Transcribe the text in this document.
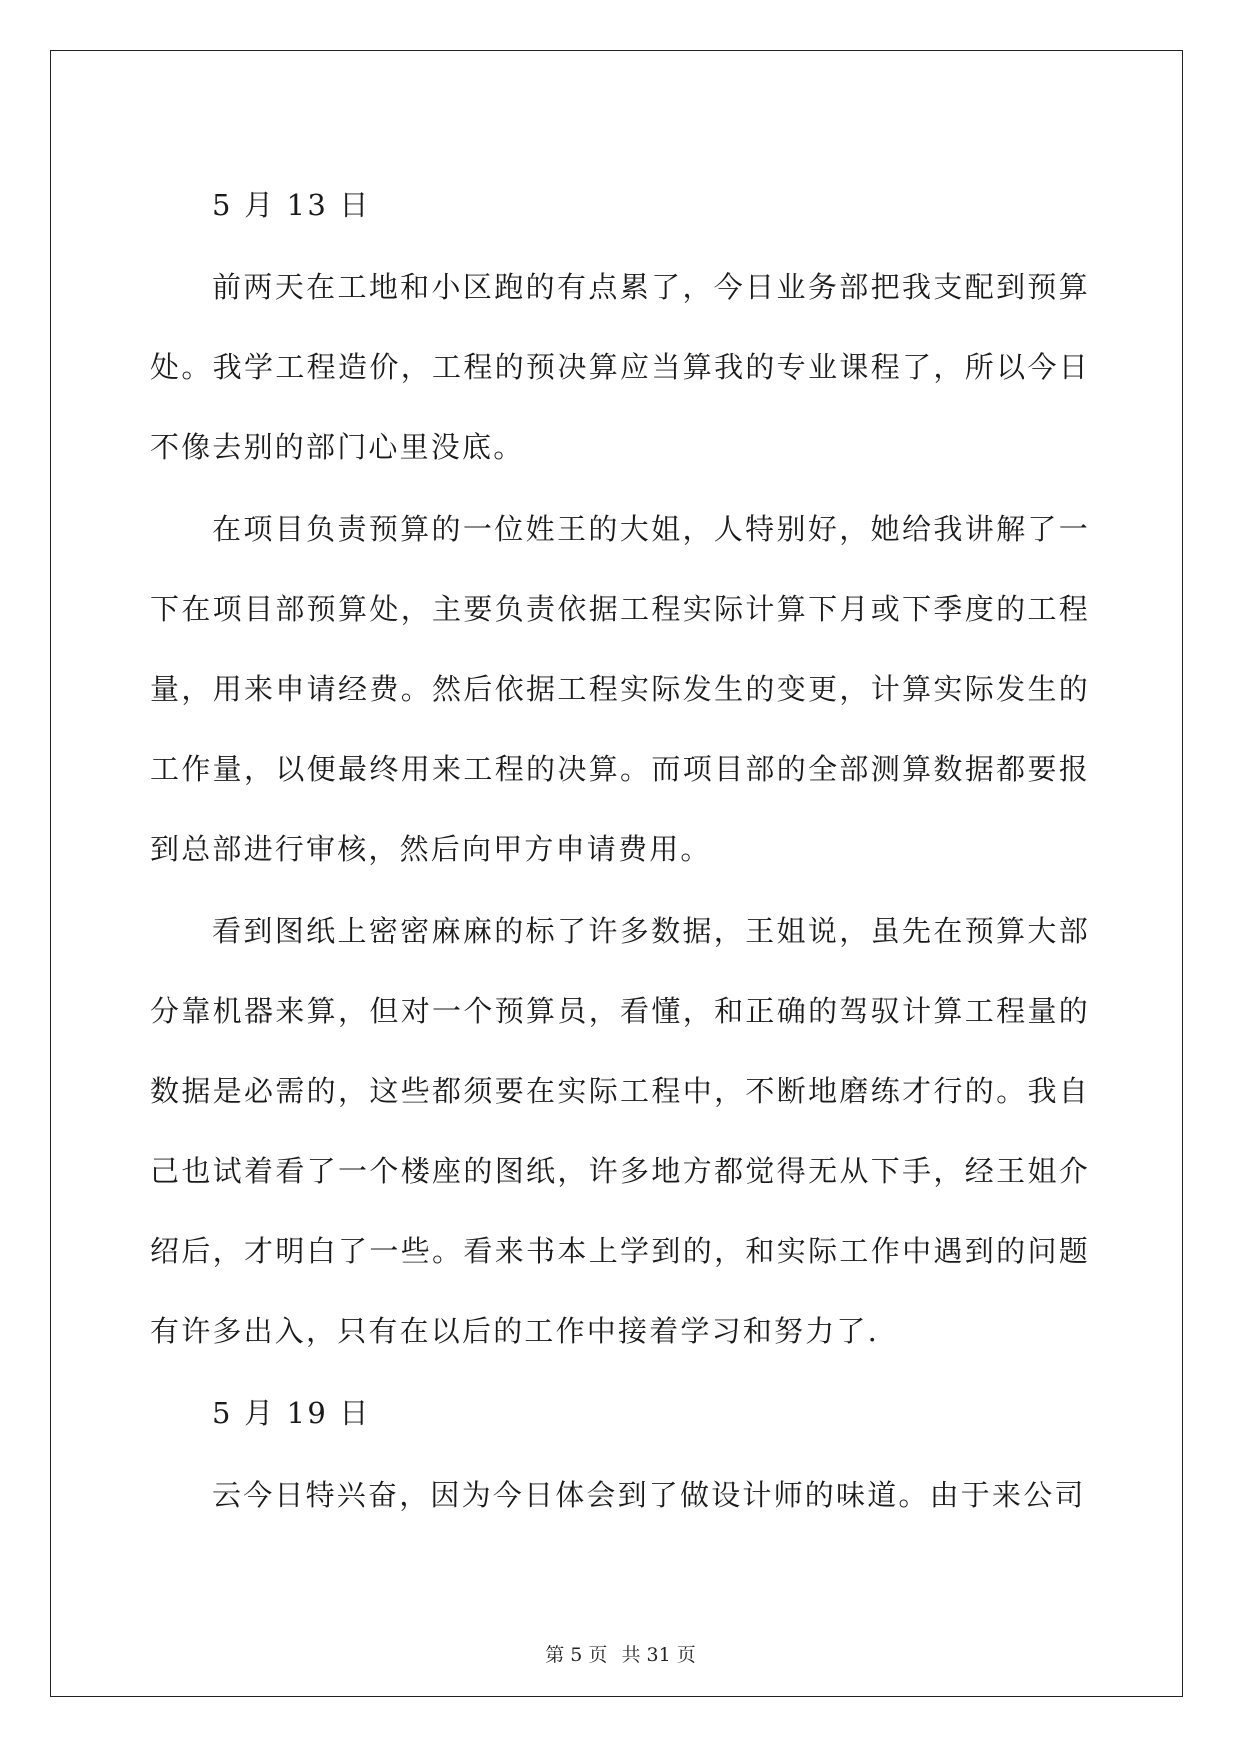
5 月 13 日

前两天在工地和小区跑的有点累了，今日业务部把我支配到预算处。我学工程造价，工程的预决算应当算我的专业课程了，所以今日不像去别的部门心里没底。

在项目负责预算的一位姓王的大姐，人特别好，她给我讲解了一下在项目部预算处，主要负责依据工程实际计算下月或下季度的工程量，用来申请经费。然后依据工程实际发生的变更，计算实际发生的工作量，以便最终用来工程的决算。而项目部的全部测算数据都要报到总部进行审核，然后向甲方申请费用。

看到图纸上密密麻麻的标了许多数据，王姐说，虽先在预算大部分靠机器来算，但对一个预算员，看懂，和正确的驾驭计算工程量的数据是必需的，这些都须要在实际工程中，不断地磨练才行的。我自己也试着看了一个楼座的图纸，许多地方都觉得无从下手，经王姐介绍后，才明白了一些。看来书本上学到的，和实际工作中遇到的问题有许多出入，只有在以后的工作中接着学习和努力了.

5 月 19 日

云今日特兴奋，因为今日体会到了做设计师的味道。由于来公司

第 5 页 共 31 页
